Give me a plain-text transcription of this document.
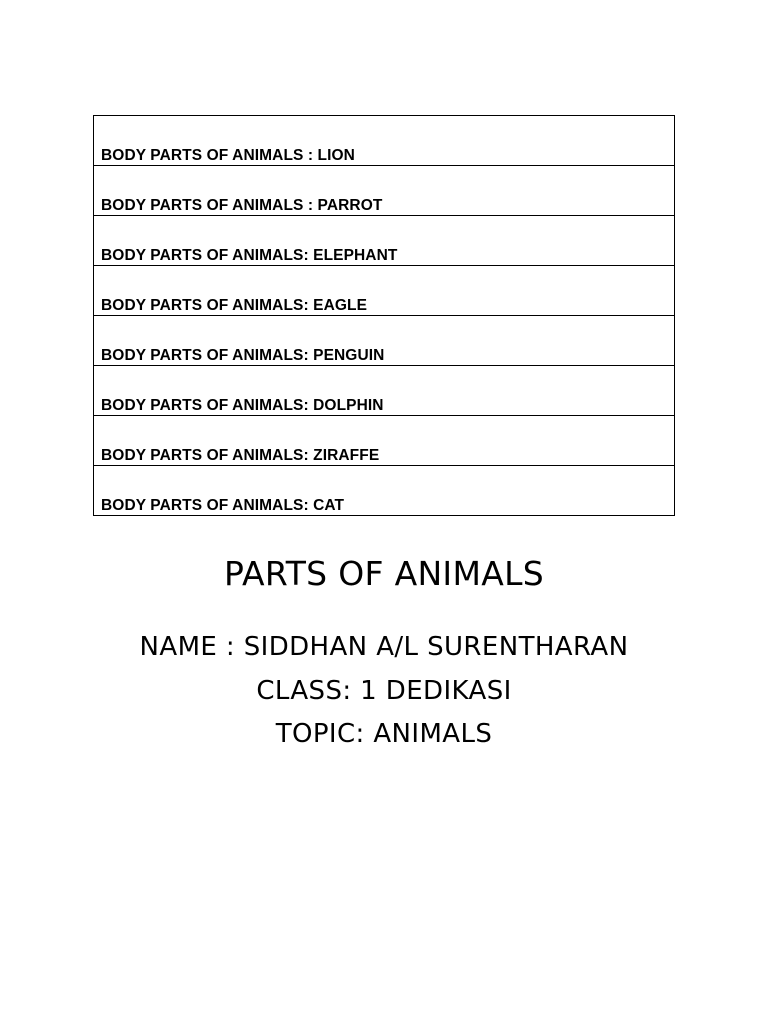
BODY PARTS OF ANIMALS : LION
BODY PARTS OF ANIMALS : PARROT
BODY PARTS OF ANIMALS: ELEPHANT
BODY PARTS OF ANIMALS: EAGLE
BODY PARTS OF ANIMALS: PENGUIN
BODY PARTS OF ANIMALS: DOLPHIN
BODY PARTS OF ANIMALS: ZIRAFFE
BODY PARTS OF ANIMALS: CAT
PARTS OF ANIMALS
NAME : SIDDHAN A/L SURENTHARAN
CLASS: 1 DEDIKASI
TOPIC: ANIMALS
